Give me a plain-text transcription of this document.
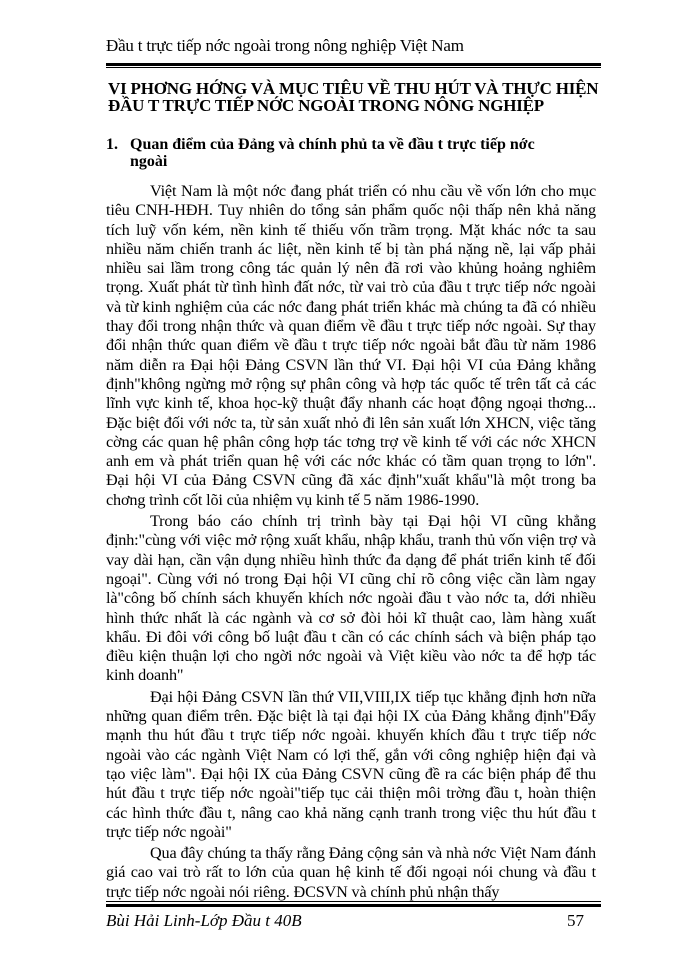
Đầu t trực tiếp nớc ngoài trong nông nghiệp Việt Nam
VI PHƠNG HỚNG VÀ MỤC TIÊU VỀ THU HÚT VÀ THỰC HIỆN ĐẦU T TRỰC TIẾP NỚC NGOÀI TRONG NÔNG NGHIỆP
1. Quan điểm của Đảng và chính phủ ta về đầu t trực tiếp nớc
ngoài

Việt Nam là một nớc đang phát triển có nhu cầu về vốn lớn cho mục tiêu CNH-HĐH. Tuy nhiên do tổng sản phẩm quốc nội thấp nên khả năng tích luỹ vốn kém, nền kinh tế thiếu vốn trầm trọng. Mặt khác nớc ta sau nhiều năm chiến tranh ác liệt, nền kinh tế bị tàn phá nặng nề, lại vấp phải nhiều sai lầm trong công tác quản lý nên đã rơi vào khủng hoảng nghiêm trọng. Xuất phát từ tình hình đất nớc, từ vai trò của đầu t trực tiếp nớc ngoài và từ kinh nghiệm của các nớc đang phát triển khác mà chúng ta đã có nhiều thay đổi trong nhận thức và quan điểm về đầu t trực tiếp nớc ngoài. Sự thay đổi nhận thức quan điểm về đầu t trực tiếp nớc ngoài bắt đầu từ năm 1986 năm diễn ra Đại hội Đảng CSVN lần thứ VI. Đại hội VI của Đảng khẳng định"không ngừng mở rộng sự phân công và hợp tác quốc tế trên tất cả các lĩnh vực kinh tế, khoa học-kỹ thuật đẩy nhanh các hoạt động ngoại thơng... Đặc biệt đối với nớc ta, từ sản xuất nhỏ đi lên sản xuất lớn XHCN, việc tăng cờng các quan hệ phân công hợp tác tơng trợ về kinh tế với các nớc XHCN anh em và phát triển quan hệ với các nớc khác có tầm quan trọng to lớn". Đại hội VI của Đảng CSVN cũng đã xác định"xuất khẩu"là một trong ba chơng trình cốt lõi của nhiệm vụ kinh tế 5 năm 1986-1990.

Trong báo cáo chính trị trình bày tại Đại hội VI cũng khẳng định:"cùng với việc mở rộng xuất khẩu, nhập khẩu, tranh thủ vốn viện trợ và vay dài hạn, cần vận dụng nhiều hình thức đa dạng để phát triển kinh tế đối ngoại". Cùng với nó trong Đại hội VI cũng chỉ rõ công việc cần làm ngay là"công bố chính sách khuyến khích nớc ngoài đầu t vào nớc ta, dới nhiều hình thức nhất là các ngành và cơ sở đòi hỏi kĩ thuật cao, làm hàng xuất khẩu. Đi đôi với công bố luật đầu t cần có các chính sách và biện pháp tạo điều kiện thuận lợi cho ngời nớc ngoài và Việt kiều vào nớc ta để hợp tác kinh doanh"

Đại hội Đảng CSVN lần thứ VII,VIII,IX tiếp tục khẳng định hơn nữa những quan điểm trên. Đặc biệt là tại đại hội IX của Đảng khẳng định"Đẩy mạnh thu hút đầu t trực tiếp nớc ngoài. khuyến khích đầu t trực tiếp nớc ngoài vào các ngành Việt Nam có lợi thế, gắn với công nghiệp hiện đại và tạo việc làm". Đại hội IX của Đảng CSVN cũng đề ra các biện pháp để thu hút đầu t trực tiếp nớc ngoài"tiếp tục cải thiện môi trờng đầu t, hoàn thiện các hình thức đầu t, nâng cao khả năng cạnh tranh trong việc thu hút đầu t trực tiếp nớc ngoài"

Qua đây chúng ta thấy rằng Đảng cộng sản và nhà nớc Việt Nam đánh giá cao vai trò rất to lớn của quan hệ kinh tế đối ngoại nói chung và đầu t trực tiếp nớc ngoài nói riêng. ĐCSVN và chính phủ nhận thấy

Bùi Hải Linh-Lớp Đầu t 40B	57
